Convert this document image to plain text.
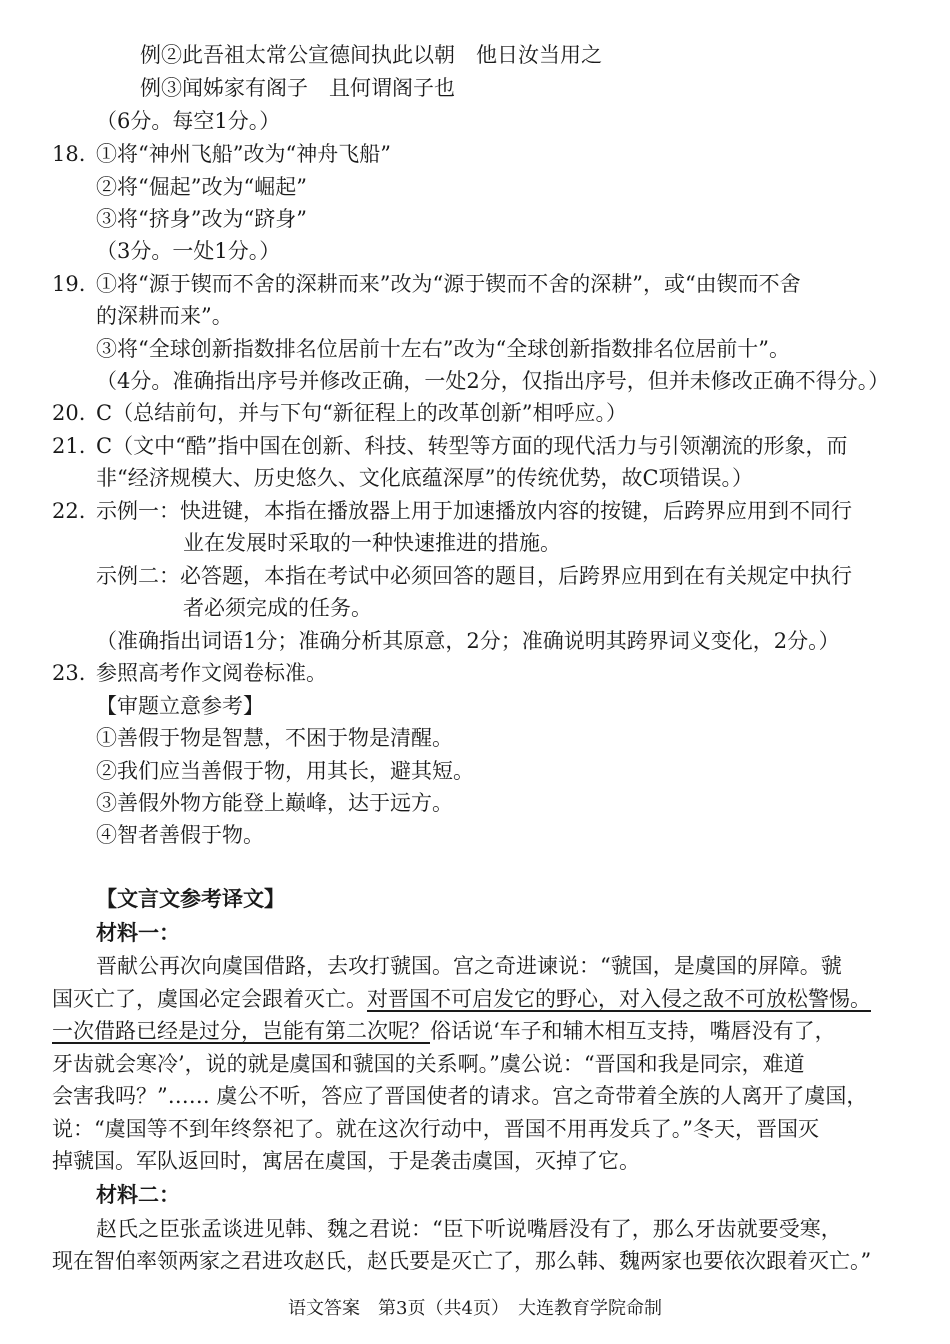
例②此吾祖太常公宣德间执此以朝　他日汝当用之
例③闻姊家有阁子　且何谓阁子也
（6分。每空1分。）
18. ①将“神州飞船”改为“神舟飞船”
②将“倔起”改为“崛起”
③将“挤身”改为“跻身”
（3分。一处1分。）
19. ①将“源于锲而不舍的深耕而来”改为“源于锲而不舍的深耕”，或“由锲而不舍
的深耕而来”。
③将“全球创新指数排名位居前十左右”改为“全球创新指数排名位居前十”。
（4分。准确指出序号并修改正确，一处2分，仅指出序号，但并未修改正确不得分。）
20. C（总结前句，并与下句“新征程上的改革创新”相呼应。）
21. C（文中“酷”指中国在创新、科技、转型等方面的现代活力与引领潮流的形象，而
非“经济规模大、历史悠久、文化底蕴深厚”的传统优势，故C项错误。）
22. 示例一：快进键，本指在播放器上用于加速播放内容的按键，后跨界应用到不同行
业在发展时采取的一种快速推进的措施。
示例二：必答题，本指在考试中必须回答的题目，后跨界应用到在有关规定中执行
者必须完成的任务。
（准确指出词语1分；准确分析其原意，2分；准确说明其跨界词义变化，2分。）
23. 参照高考作文阅卷标准。
【审题立意参考】
①善假于物是智慧，不困于物是清醒。
②我们应当善假于物，用其长，避其短。
③善假外物方能登上巅峰，达于远方。
④智者善假于物。
【文言文参考译文】
材料一：
晋献公再次向虞国借路，去攻打虢国。宫之奇进谏说：“虢国，是虞国的屏障。虢
国灭亡了，虞国必定会跟着灭亡。对晋国不可启发它的野心，对入侵之敌不可放松警惕。
一次借路已经是过分，岂能有第二次呢？俗话说‘车子和辅木相互支持，嘴唇没有了，
牙齿就会寒冷’，说的就是虞国和虢国的关系啊。”虞公说：“晋国和我是同宗，难道
会害我吗？”…… 虞公不听，答应了晋国使者的请求。宫之奇带着全族的人离开了虞国，
说：“虞国等不到年终祭祀了。就在这次行动中，晋国不用再发兵了。”冬天，晋国灭
掉虢国。军队返回时，寓居在虞国，于是袭击虞国，灭掉了它。
材料二：
赵氏之臣张孟谈进见韩、魏之君说：“臣下听说嘴唇没有了，那么牙齿就要受寒，
现在智伯率领两家之君进攻赵氏，赵氏要是灭亡了，那么韩、魏两家也要依次跟着灭亡。”
语文答案　第3页（共4页）　大连教育学院命制
